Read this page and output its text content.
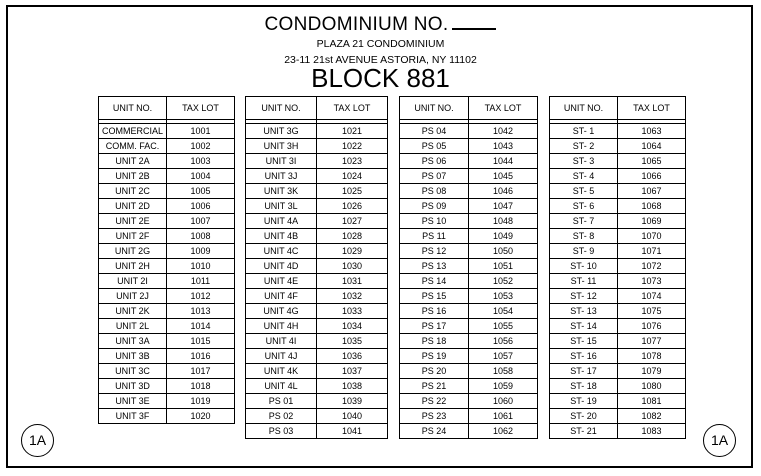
CONDOMINIUM NO.
PLAZA 21 CONDOMINIUM
23-11 21st AVENUE ASTORIA, NY 11102
BLOCK 881
UNIT NO.	TAX LOT

COMMERCIAL	1001
COMM. FAC.	1002
UNIT 2A	1003
UNIT 2B	1004
UNIT 2C	1005
UNIT 2D	1006
UNIT 2E	1007
UNIT 2F	1008
UNIT 2G	1009
UNIT 2H	1010
UNIT 2I	1011
UNIT 2J	1012
UNIT 2K	1013
UNIT 2L	1014
UNIT 3A	1015
UNIT 3B	1016
UNIT 3C	1017
UNIT 3D	1018
UNIT 3E	1019
UNIT 3F	1020
UNIT NO.	TAX LOT

UNIT 3G	1021
UNIT 3H	1022
UNIT 3I	1023
UNIT 3J	1024
UNIT 3K	1025
UNIT 3L	1026
UNIT 4A	1027
UNIT 4B	1028
UNIT 4C	1029
UNIT 4D	1030
UNIT 4E	1031
UNIT 4F	1032
UNIT 4G	1033
UNIT 4H	1034
UNIT 4I	1035
UNIT 4J	1036
UNIT 4K	1037
UNIT 4L	1038
PS 01	1039
PS 02	1040
PS 03	1041
UNIT NO.	TAX LOT

PS 04	1042
PS 05	1043
PS 06	1044
PS 07	1045
PS 08	1046
PS 09	1047
PS 10	1048
PS 11	1049
PS 12	1050
PS 13	1051
PS 14	1052
PS 15	1053
PS 16	1054
PS 17	1055
PS 18	1056
PS 19	1057
PS 20	1058
PS 21	1059
PS 22	1060
PS 23	1061
PS 24	1062
UNIT NO.	TAX LOT

ST- 1	1063
ST- 2	1064
ST- 3	1065
ST- 4	1066
ST- 5	1067
ST- 6	1068
ST- 7	1069
ST- 8	1070
ST- 9	1071
ST- 10	1072
ST- 11	1073
ST- 12	1074
ST- 13	1075
ST- 14	1076
ST- 15	1077
ST- 16	1078
ST- 17	1079
ST- 18	1080
ST- 19	1081
ST- 20	1082
ST- 21	1083
1A	1A
